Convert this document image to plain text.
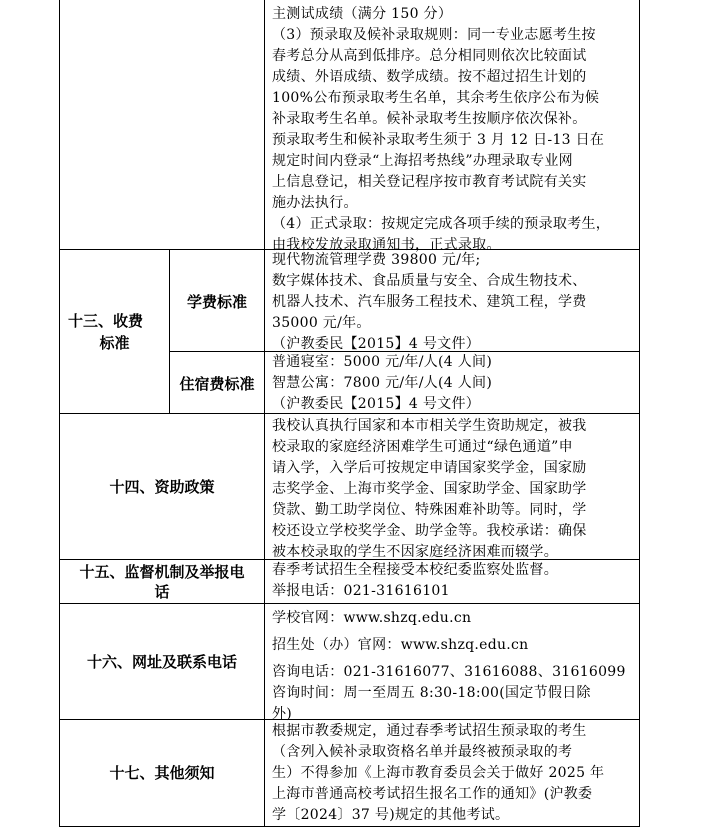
主测试成绩（满分 150 分）
（3）预录取及候补录取规则：同一专业志愿考生按
春考总分从高到低排序。总分相同则依次比较面试
成绩、外语成绩、数学成绩。按不超过招生计划的
100%公布预录取考生名单，其余考生依序公布为候
补录取考生名单。候补录取考生按顺序依次保补。
预录取考生和候补录取考生须于 3 月 12 日-13 日在
规定时间内登录“上海招考热线”办理录取专业网
上信息登记，相关登记程序按市教育考试院有关实
施办法执行。
（4）正式录取：按规定完成各项手续的预录取考生，
由我校发放录取通知书，正式录取。
十三、收费
标准
学费标准
住宿费标准
现代物流管理学费 39800 元/年;
数字媒体技术、食品质量与安全、合成生物技术、
机器人技术、汽车服务工程技术、建筑工程，学费
35000 元/年。
（沪教委民【2015】4 号文件）
普通寝室：5000 元/年/人(4 人间)
智慧公寓：7800 元/年/人(4 人间)
（沪教委民【2015】4 号文件）
十四、资助政策
我校认真执行国家和本市相关学生资助规定，被我
校录取的家庭经济困难学生可通过“绿色通道”申
请入学，入学后可按规定申请国家奖学金，国家励
志奖学金、上海市奖学金、国家助学金、国家助学
贷款、勤工助学岗位、特殊困难补助等。同时，学
校还设立学校奖学金、助学金等。我校承诺：确保
被本校录取的学生不因家庭经济困难而辍学。
十五、监督机制及举报电
话
春季考试招生全程接受本校纪委监察处监督。
举报电话：021-31616101
十六、网址及联系电话
学校官网：www.shzq.edu.cn
招生处（办）官网：www.shzq.edu.cn
咨询电话：021-31616077、31616088、31616099
咨询时间：周一至周五 8:30-18:00(国定节假日除
外)
十七、其他须知
根据市教委规定，通过春季考试招生预录取的考生
（含列入候补录取资格名单并最终被预录取的考
生）不得参加《上海市教育委员会关于做好 2025 年
上海市普通高校考试招生报名工作的通知》(沪教委
学〔2024〕37 号)规定的其他考试。
